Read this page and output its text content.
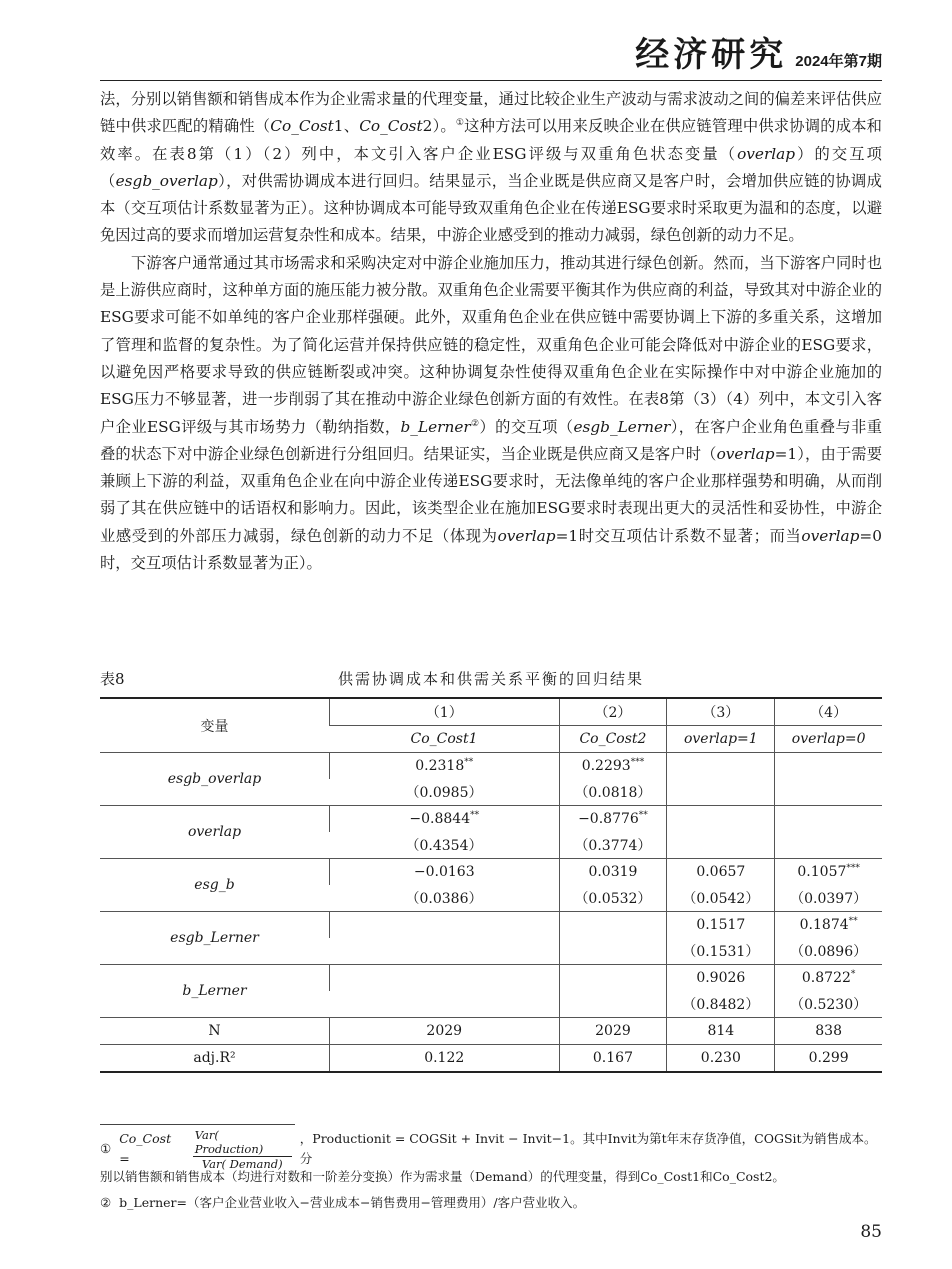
经济研究 2024年第7期

法，分别以销售额和销售成本作为企业需求量的代理变量，通过比较企业生产波动与需求波动之间的偏差来评估供应链中供求匹配的精确性（Co_Cost1、Co_Cost2）。①这种方法可以用来反映企业在供应链管理中供求协调的成本和效率。在表8第（1）（2）列中，本文引入客户企业ESG评级与双重角色状态变量（overlap）的交互项（esgb_overlap），对供需协调成本进行回归。结果显示，当企业既是供应商又是客户时，会增加供应链的协调成本（交互项估计系数显著为正）。这种协调成本可能导致双重角色企业在传递ESG要求时采取更为温和的态度，以避免因过高的要求而增加运营复杂性和成本。结果，中游企业感受到的推动力减弱，绿色创新的动力不足。

下游客户通常通过其市场需求和采购决定对中游企业施加压力，推动其进行绿色创新。然而，当下游客户同时也是上游供应商时，这种单方面的施压能力被分散。双重角色企业需要平衡其作为供应商的利益，导致其对中游企业的ESG要求可能不如单纯的客户企业那样强硬。此外，双重角色企业在供应链中需要协调上下游的多重关系，这增加了管理和监督的复杂性。为了简化运营并保持供应链的稳定性，双重角色企业可能会降低对中游企业的ESG要求，以避免因严格要求导致的供应链断裂或冲突。这种协调复杂性使得双重角色企业在实际操作中对中游企业施加的ESG压力不够显著，进一步削弱了其在推动中游企业绿色创新方面的有效性。在表8第（3）（4）列中，本文引入客户企业ESG评级与其市场势力（勒纳指数，b_Lerner②）的交互项（esgb_Lerner），在客户企业角色重叠与非重叠的状态下对中游企业绿色创新进行分组回归。结果证实，当企业既是供应商又是客户时（overlap=1），由于需要兼顾上下游的利益，双重角色企业在向中游企业传递ESG要求时，无法像单纯的客户企业那样强势和明确，从而削弱了其在供应链中的话语权和影响力。因此，该类型企业在施加ESG要求时表现出更大的灵活性和妥协性，中游企业感受到的外部压力减弱，绿色创新的动力不足（体现为overlap=1时交互项估计系数不显著；而当overlap=0时，交互项估计系数显著为正）。

表8	供需协调成本和供需关系平衡的回归结果
变量	（1）	（2）	（3）	（4）
	Co_Cost1	Co_Cost2	overlap=1	overlap=0
esgb_overlap	0.2318**	0.2293***		
	（0.0985）	（0.0818）		
overlap	−0.8844**	−0.8776**		
	（0.4354）	（0.3774）		
esg_b	−0.0163	0.0319	0.0657	0.1057***
	（0.0386）	（0.0532）	（0.0542）	（0.0397）
esgb_Lerner			0.1517	0.1874**
			（0.1531）	（0.0896）
b_Lerner			0.9026	0.8722*
			（0.8482）	（0.5230）
N	2029	2029	814	838
adj.R²	0.122	0.167	0.230	0.299
①
Co_Cost =	$\frac{\text{Var( Production)}}{\text{Var( Demand)}}$ ，Productionit = COGSit + Invit − Invit−1。其中Invit为第t年末存货净值，COGSit为销售成本。分

别以销售额和销售成本（均进行对数和一阶差分变换）作为需求量（Demand）的代理变量，得到Co_Cost1和Co_Cost2。

② b_Lerner=（客户企业营业收入−营业成本−销售费用−管理费用）/客户营业收入。

85
